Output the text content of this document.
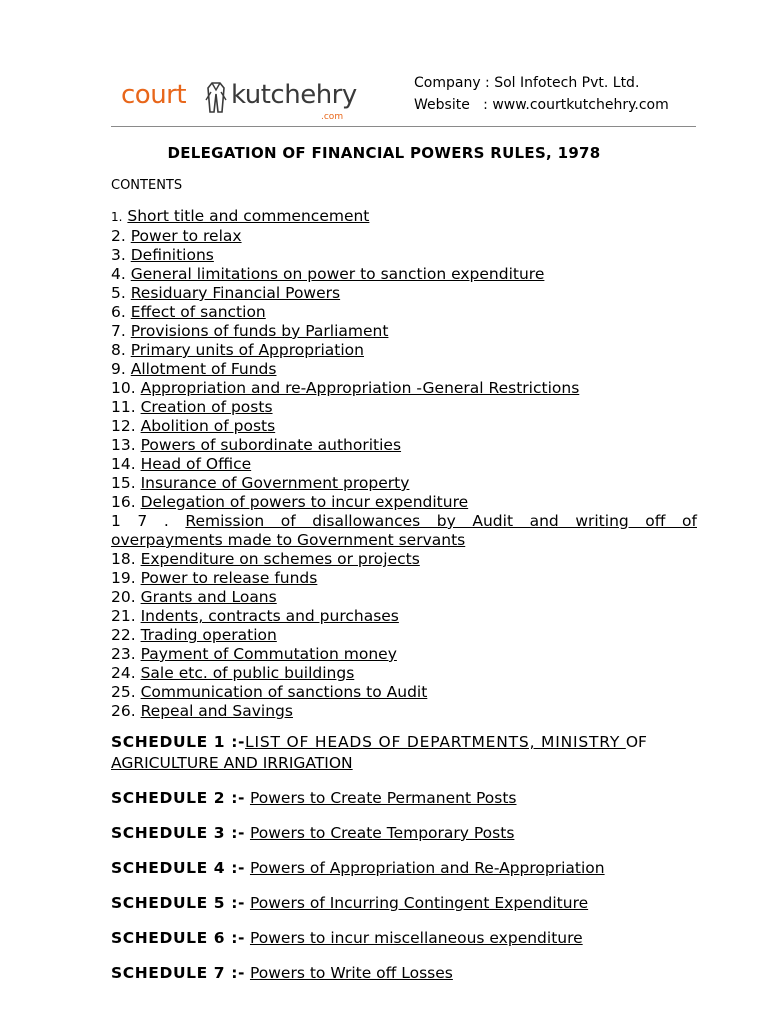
court kutchehry
.com
Company : Sol Infotech Pvt. Ltd.
Website   : www.courtkutchehry.com
DELEGATION OF FINANCIAL POWERS RULES, 1978
CONTENTS
1. Short title and commencement
2. Power to relax
3. Definitions
4. General limitations on power to sanction expenditure
5. Residuary Financial Powers
6. Effect of sanction
7. Provisions of funds by Parliament
8. Primary units of Appropriation
9. Allotment of Funds
10. Appropriation and re-Appropriation -General Restrictions
11. Creation of posts
12. Abolition of posts
13. Powers of subordinate authorities
14. Head of Office
15. Insurance of Government property
16. Delegation of powers to incur expenditure
1 7 . Remission of disallowances by Audit and writing off of
overpayments made to Government servants
18. Expenditure on schemes or projects
19. Power to release funds
20. Grants and Loans
21. Indents, contracts and purchases
22. Trading operation
23. Payment of Commutation money
24. Sale etc. of public buildings
25. Communication of sanctions to Audit
26. Repeal and Savings
SCHEDULE 1 :-LIST OF HEADS OF DEPARTMENTS, MINISTRY OF
AGRICULTURE AND IRRIGATION
SCHEDULE 2 :- Powers to Create Permanent Posts
SCHEDULE 3 :- Powers to Create Temporary Posts
SCHEDULE 4 :- Powers of Appropriation and Re-Appropriation
SCHEDULE 5 :- Powers of Incurring Contingent Expenditure
SCHEDULE 6 :- Powers to incur miscellaneous expenditure
SCHEDULE 7 :- Powers to Write off Losses
